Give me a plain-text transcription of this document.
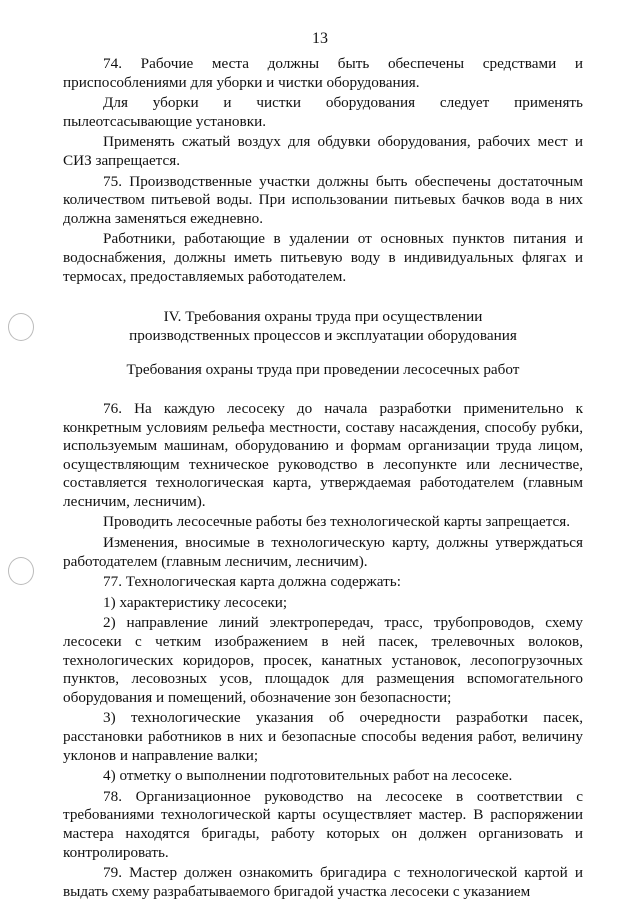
13

74. Рабочие места должны быть обеспечены средствами и приспособлениями для уборки и чистки оборудования.

Для уборки и чистки оборудования следует применять пылеотсасывающие установки.

Применять сжатый воздух для обдувки оборудования, рабочих мест и СИЗ запрещается.

75. Производственные участки должны быть обеспечены достаточным количеством питьевой воды. При использовании питьевых бачков вода в них должна заменяться ежедневно.

Работники, работающие в удалении от основных пунктов питания и водоснабжения, должны иметь питьевую воду в индивидуальных флягах и термосах, предоставляемых работодателем.

IV. Требования охраны труда при осуществлении
производственных процессов и эксплуатации оборудования
Требования охраны труда при проведении лесосечных работ

76. На каждую лесосеку до начала разработки применительно к конкретным условиям рельефа местности, составу насаждения, способу рубки, используемым машинам, оборудованию и формам организации труда лицом, осуществляющим техническое руководство в лесопункте или лесничестве, составляется технологическая карта, утверждаемая работодателем (главным лесничим, лесничим).

Проводить лесосечные работы без технологической карты запрещается.

Изменения, вносимые в технологическую карту, должны утверждаться работодателем (главным лесничим, лесничим).

77. Технологическая карта должна содержать:

1) характеристику лесосеки;

2) направление линий электропередач, трасс, трубопроводов, схему лесосеки с четким изображением в ней пасек, трелевочных волоков, технологических коридоров, просек, канатных установок, лесопогрузочных пунктов, лесовозных усов, площадок для размещения вспомогательного оборудования и помещений, обозначение зон безопасности;

3) технологические указания об очередности разработки пасек, расстановки работников в них и безопасные способы ведения работ, величину уклонов и направление валки;

4) отметку о выполнении подготовительных работ на лесосеке.

78. Организационное руководство на лесосеке в соответствии с требованиями технологической карты осуществляет мастер. В распоряжении мастера находятся бригады, работу которых он должен организовать и контролировать.

79. Мастер должен ознакомить бригадира с технологической картой и выдать схему разрабатываемого бригадой участка лесосеки с указанием
